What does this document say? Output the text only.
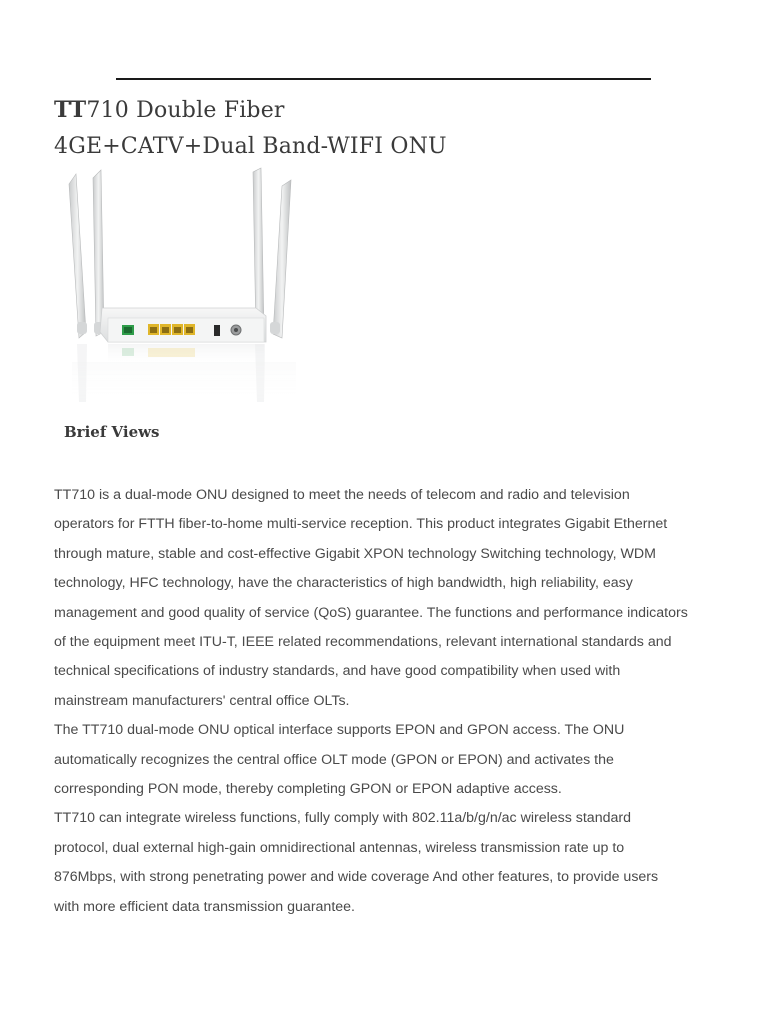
TT710 Double Fiber
4GE+CATV+Dual Band-WIFI ONU
Brief Views

TT710 is a dual-mode ONU designed to meet the needs of telecom and radio and television
operators for FTTH fiber-to-home multi-service reception. This product integrates Gigabit Ethernet
through mature, stable and cost-effective Gigabit XPON technology Switching technology, WDM
technology, HFC technology, have the characteristics of high bandwidth, high reliability, easy
management and good quality of service (QoS) guarantee. The functions and performance indicators
of the equipment meet ITU-T, IEEE related recommendations, relevant international standards and
technical specifications of industry standards, and have good compatibility when used with
mainstream manufacturers' central office OLTs.

The TT710 dual-mode ONU optical interface supports EPON and GPON access. The ONU
automatically recognizes the central office OLT mode (GPON or EPON) and activates the
corresponding PON mode, thereby completing GPON or EPON adaptive access.

TT710 can integrate wireless functions, fully comply with 802.11a/b/g/n/ac wireless standard
protocol, dual external high-gain omnidirectional antennas, wireless transmission rate up to
876Mbps, with strong penetrating power and wide coverage And other features, to provide users
with more efficient data transmission guarantee.
